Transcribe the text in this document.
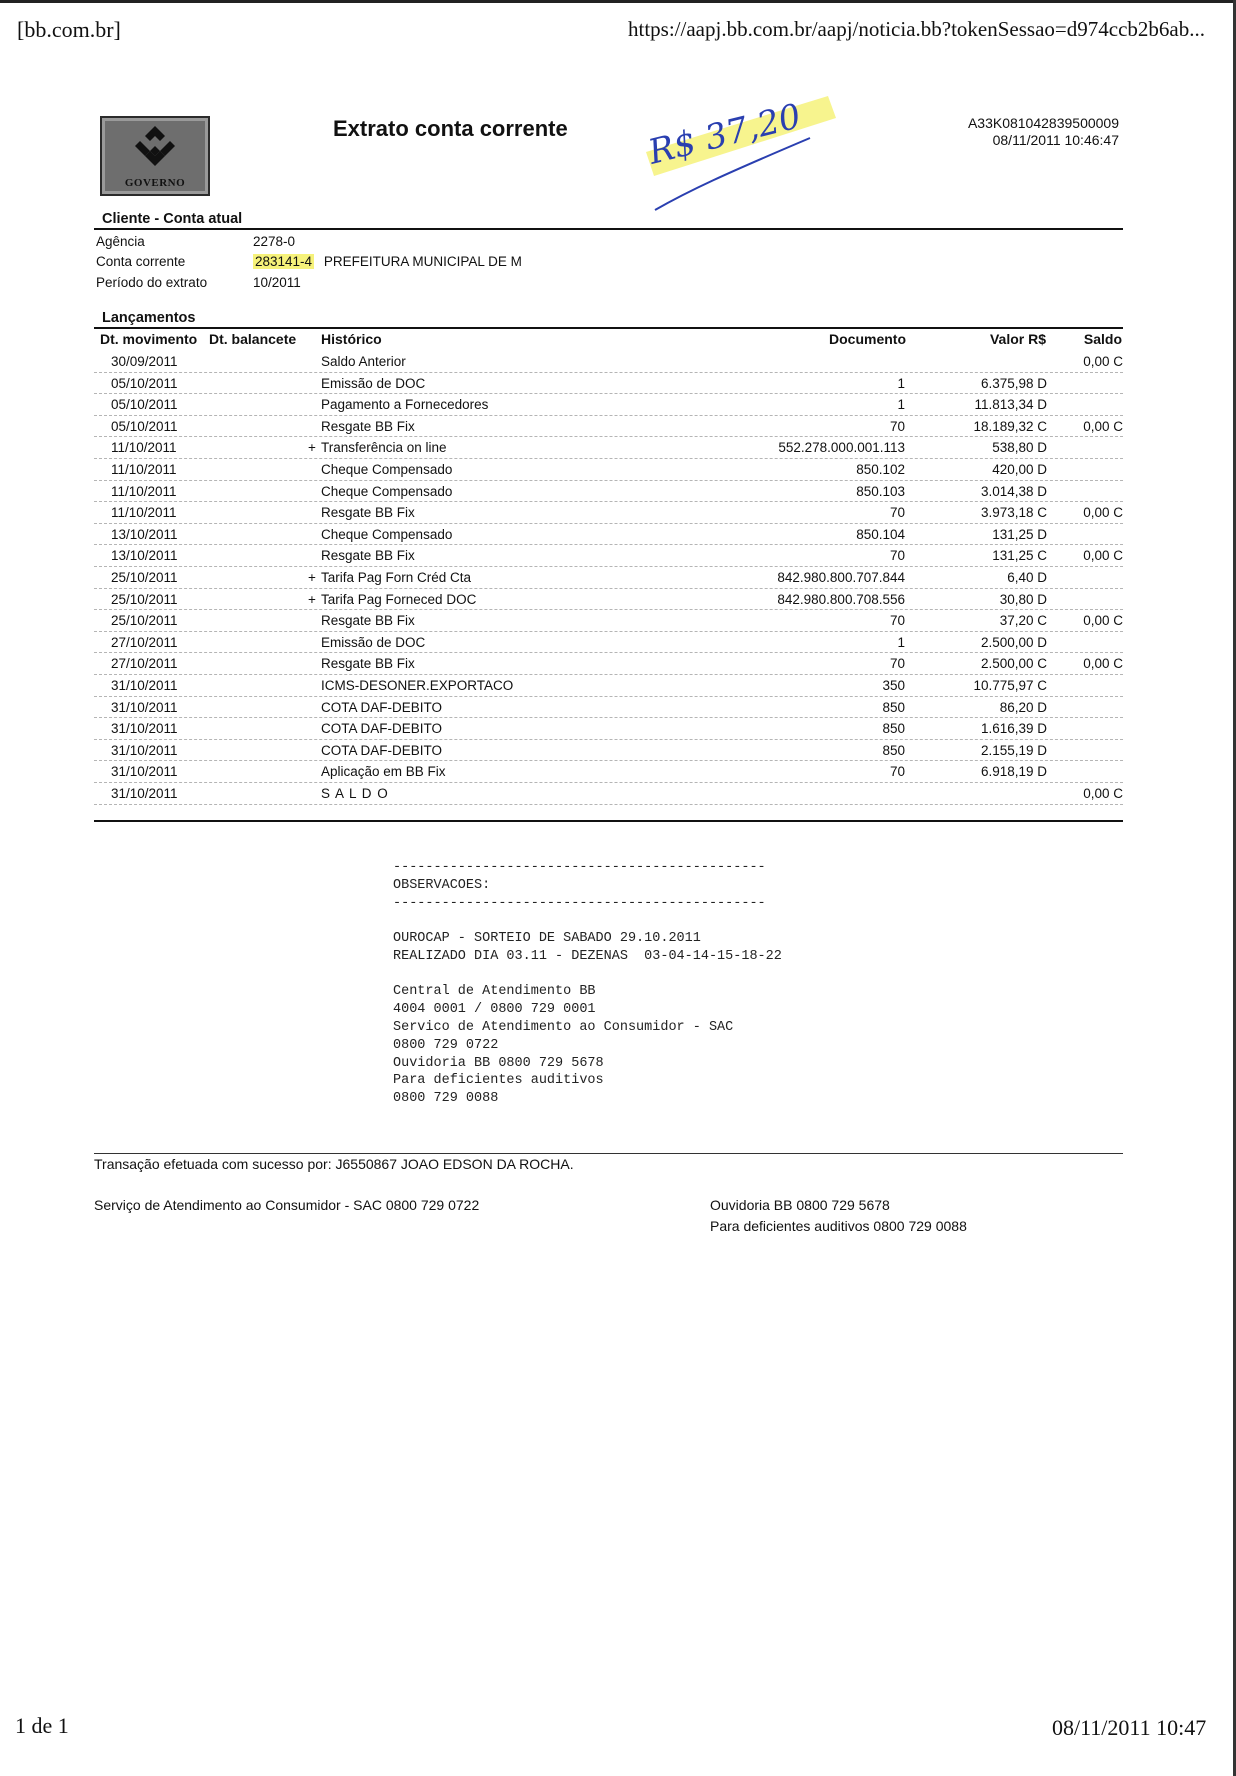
[bb.com.br]	https://aapj.bb.com.br/aapj/noticia.bb?tokenSessao=d974ccb2b6ab...
GOVERNO
Extrato conta corrente	A33K081042839500009
08/11/2011 10:46:47
R$ 37,20
Cliente - Conta atual
Agência	2278-0
Conta corrente	283141-4 PREFEITURA MUNICIPAL DE M
Período do extrato	10/2011
Lançamentos
Dt. movimento Dt. balancete Histórico	Documento	Valor R$	Saldo
30/09/2011	Saldo Anterior	0,00 C
05/10/2011	Emissão de DOC	1	6.375,98 D
05/10/2011	Pagamento a Fornecedores	1	11.813,34 D
05/10/2011	Resgate BB Fix	70	18.189,32 C	0,00 C
11/10/2011	+ Transferência on line	552.278.000.001.113	538,80 D
11/10/2011	Cheque Compensado	850.102	420,00 D
11/10/2011	Cheque Compensado	850.103	3.014,38 D
11/10/2011	Resgate BB Fix	70	3.973,18 C	0,00 C
13/10/2011	Cheque Compensado	850.104	131,25 D
13/10/2011	Resgate BB Fix	70	131,25 C	0,00 C
25/10/2011	+ Tarifa Pag Forn Créd Cta	842.980.800.707.844	6,40 D
25/10/2011	+ Tarifa Pag Forneced DOC	842.980.800.708.556	30,80 D
25/10/2011	Resgate BB Fix	70	37,20 C	0,00 C
27/10/2011	Emissão de DOC	1	2.500,00 D
27/10/2011	Resgate BB Fix	70	2.500,00 C	0,00 C
31/10/2011	ICMS-DESONER.EXPORTACO	350	10.775,97 C
31/10/2011	COTA DAF-DEBITO	850	86,20 D
31/10/2011	COTA DAF-DEBITO	850	1.616,39 D
31/10/2011	COTA DAF-DEBITO	850	2.155,19 D
31/10/2011	Aplicação em BB Fix	70	6.918,19 D
31/10/2011	S A L D O	0,00 C
----------------------------------------------
OBSERVACOES:
----------------------------------------------
OUROCAP - SORTEIO DE SABADO 29.10.2011
REALIZADO DIA 03.11 - DEZENAS  03-04-14-15-18-22
Central de Atendimento BB
4004 0001 / 0800 729 0001
Servico de Atendimento ao Consumidor - SAC
0800 729 0722
Ouvidoria BB 0800 729 5678
Para deficientes auditivos
0800 729 0088
Transação efetuada com sucesso por: J6550867 JOAO EDSON DA ROCHA.
Serviço de Atendimento ao Consumidor - SAC 0800 729 0722	Ouvidoria BB 0800 729 5678
Para deficientes auditivos 0800 729 0088
1 de 1	08/11/2011 10:47
